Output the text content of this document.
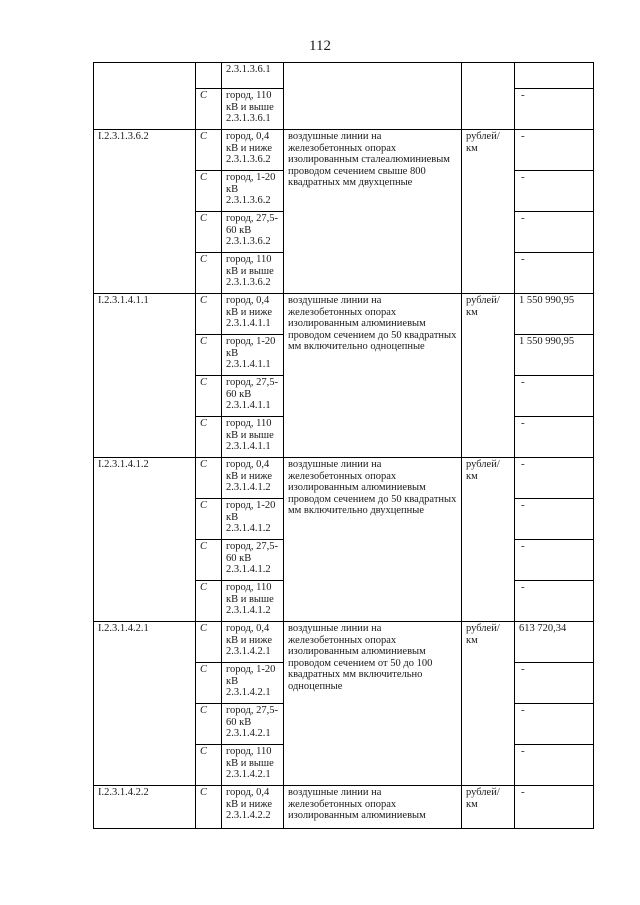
112
		2.3.1.3.6.1			
	С	город, 110 кВ и выше 2.3.1.3.6.1			-
I.2.3.1.3.6.2	С	город, 0,4 кВ и ниже 2.3.1.3.6.2	воздушные линии на железобетонных опорах изолированным сталеалюминиевым проводом сечением свыше 800 квадратных мм двухцепные	рублей/км	-
	С	город, 1-20 кВ 2.3.1.3.6.2			-
	С	город, 27,5-60 кВ 2.3.1.3.6.2			-
	С	город, 110 кВ и выше 2.3.1.3.6.2			-
I.2.3.1.4.1.1	С	город, 0,4 кВ и ниже 2.3.1.4.1.1	воздушные линии на железобетонных опорах изолированным алюминиевым проводом сечением до 50 квадратных мм включительно одноцепные	рублей/км	1 550 990,95
	С	город, 1-20 кВ 2.3.1.4.1.1			1 550 990,95
	С	город, 27,5-60 кВ 2.3.1.4.1.1			-
	С	город, 110 кВ и выше 2.3.1.4.1.1			-
I.2.3.1.4.1.2	С	город, 0,4 кВ и ниже 2.3.1.4.1.2	воздушные линии на железобетонных опорах изолированным алюминиевым проводом сечением до 50 квадратных мм включительно двухцепные	рублей/км	-
	С	город, 1-20 кВ 2.3.1.4.1.2			-
	С	город, 27,5-60 кВ 2.3.1.4.1.2			-
	С	город, 110 кВ и выше 2.3.1.4.1.2			-
I.2.3.1.4.2.1	С	город, 0,4 кВ и ниже 2.3.1.4.2.1	воздушные линии на железобетонных опорах изолированным алюминиевым проводом сечением от 50 до 100 квадратных мм включительно одноцепные	рублей/км	613 720,34
	С	город, 1-20 кВ 2.3.1.4.2.1			-
	С	город, 27,5-60 кВ 2.3.1.4.2.1			-
	С	город, 110 кВ и выше 2.3.1.4.2.1			-
I.2.3.1.4.2.2	С	город, 0,4 кВ и ниже 2.3.1.4.2.2	воздушные линии на железобетонных опорах изолированным алюминиевым	рублей/км	-
